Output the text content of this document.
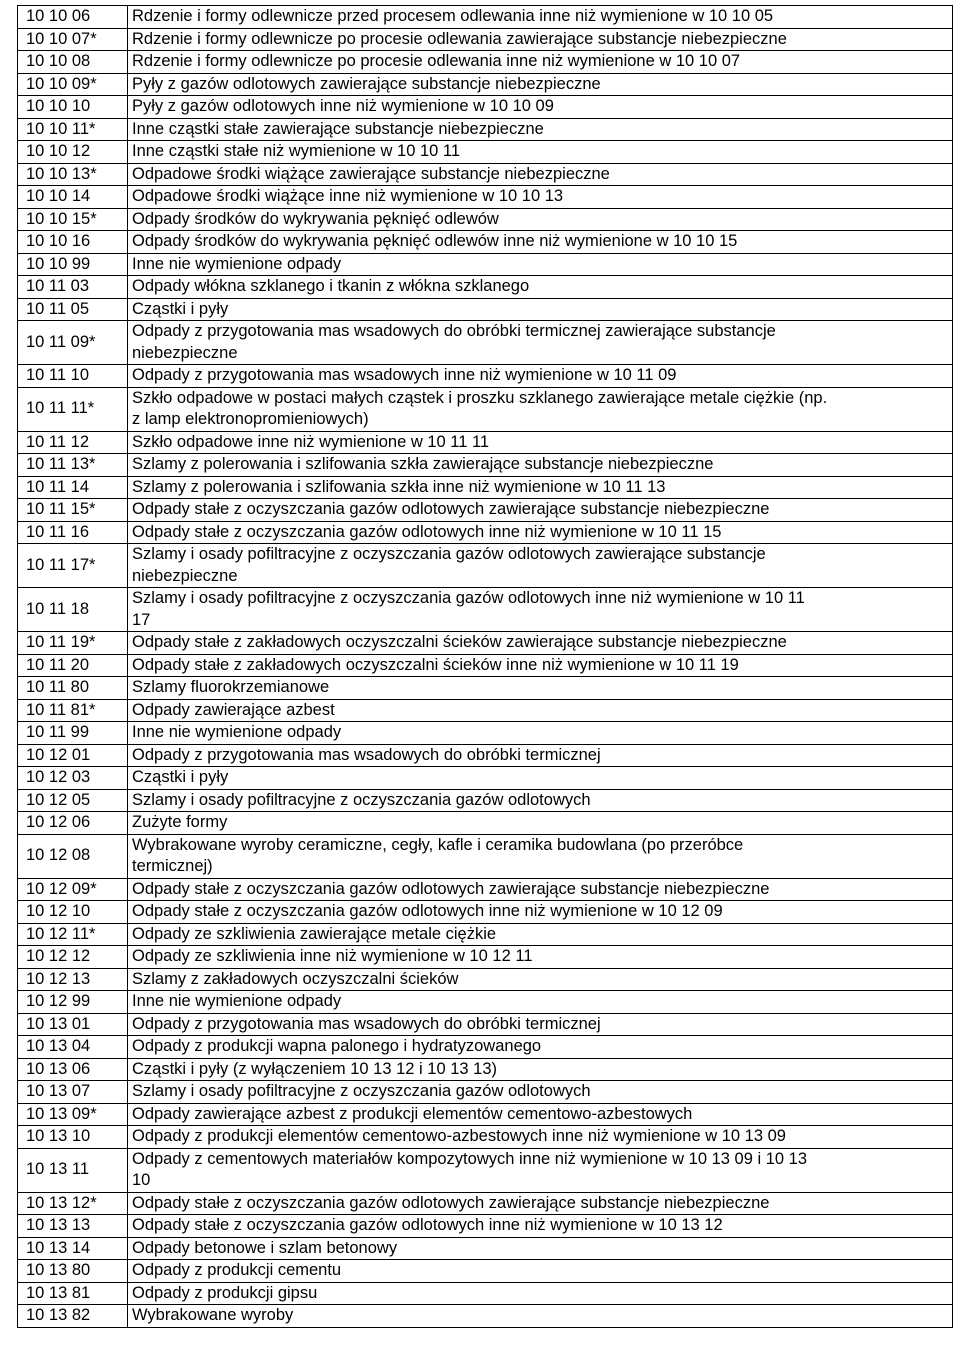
10 10 06	Rdzenie i formy odlewnicze przed procesem odlewania inne niż wymienione w 10 10 05

10 10 07*	Rdzenie i formy odlewnicze po procesie odlewania zawierające substancje niebezpieczne

10 10 08	Rdzenie i formy odlewnicze po procesie odlewania inne niż wymienione w 10 10 07

10 10 09*	Pyły z gazów odlotowych zawierające substancje niebezpieczne

10 10 10	Pyły z gazów odlotowych inne niż wymienione w 10 10 09

10 10 11*	Inne cząstki stałe zawierające substancje niebezpieczne

10 10 12	Inne cząstki stałe niż wymienione w 10 10 11

10 10 13*	Odpadowe środki wiążące zawierające substancje niebezpieczne

10 10 14	Odpadowe środki wiążące inne niż wymienione w 10 10 13

10 10 15*	Odpady środków do wykrywania pęknięć odlewów

10 10 16	Odpady środków do wykrywania pęknięć odlewów inne niż wymienione w 10 10 15

10 10 99	Inne nie wymienione odpady

10 11 03	Odpady włókna szklanego i tkanin z włókna szklanego

10 11 05	Cząstki i pyły

10 11 09*	Odpady z przygotowania mas wsadowych do obróbki termicznej zawierające substancje
niebezpieczne

10 11 10	Odpady z przygotowania mas wsadowych inne niż wymienione w 10 11 09

10 11 11*	Szkło odpadowe w postaci małych cząstek i proszku szklanego zawierające metale ciężkie (np.
z lamp elektronopromieniowych)

10 11 12	Szkło odpadowe inne niż wymienione w 10 11 11

10 11 13*	Szlamy z polerowania i szlifowania szkła zawierające substancje niebezpieczne

10 11 14	Szlamy z polerowania i szlifowania szkła inne niż wymienione w 10 11 13

10 11 15*	Odpady stałe z oczyszczania gazów odlotowych zawierające substancje niebezpieczne

10 11 16	Odpady stałe z oczyszczania gazów odlotowych inne niż wymienione w 10 11 15

10 11 17*	Szlamy i osady pofiltracyjne z oczyszczania gazów odlotowych zawierające substancje
niebezpieczne

10 11 18	Szlamy i osady pofiltracyjne z oczyszczania gazów odlotowych inne niż wymienione w 10 11
17

10 11 19*	Odpady stałe z zakładowych oczyszczalni ścieków zawierające substancje niebezpieczne

10 11 20	Odpady stałe z zakładowych oczyszczalni ścieków inne niż wymienione w 10 11 19

10 11 80	Szlamy fluorokrzemianowe

10 11 81*	Odpady zawierające azbest

10 11 99	Inne nie wymienione odpady

10 12 01	Odpady z przygotowania mas wsadowych do obróbki termicznej

10 12 03	Cząstki i pyły

10 12 05	Szlamy i osady pofiltracyjne z oczyszczania gazów odlotowych

10 12 06	Zużyte formy

10 12 08	Wybrakowane wyroby ceramiczne, cegły, kafle i ceramika budowlana (po przeróbce
termicznej)

10 12 09*	Odpady stałe z oczyszczania gazów odlotowych zawierające substancje niebezpieczne

10 12 10	Odpady stałe z oczyszczania gazów odlotowych inne niż wymienione w 10 12 09

10 12 11*	Odpady ze szkliwienia zawierające metale ciężkie

10 12 12	Odpady ze szkliwienia inne niż wymienione w 10 12 11

10 12 13	Szlamy z zakładowych oczyszczalni ścieków

10 12 99	Inne nie wymienione odpady

10 13 01	Odpady z przygotowania mas wsadowych do obróbki termicznej

10 13 04	Odpady z produkcji wapna palonego i hydratyzowanego

10 13 06	Cząstki i pyły (z wyłączeniem 10 13 12 i 10 13 13)

10 13 07	Szlamy i osady pofiltracyjne z oczyszczania gazów odlotowych

10 13 09*	Odpady zawierające azbest z produkcji elementów cementowo-azbestowych

10 13 10	Odpady z produkcji elementów cementowo-azbestowych inne niż wymienione w 10 13 09

10 13 11	Odpady z cementowych materiałów kompozytowych inne niż wymienione w 10 13 09 i 10 13
10

10 13 12*	Odpady stałe z oczyszczania gazów odlotowych zawierające substancje niebezpieczne

10 13 13	Odpady stałe z oczyszczania gazów odlotowych inne niż wymienione w 10 13 12

10 13 14	Odpady betonowe i szlam betonowy

10 13 80	Odpady z produkcji cementu

10 13 81	Odpady z produkcji gipsu

10 13 82	Wybrakowane wyroby
